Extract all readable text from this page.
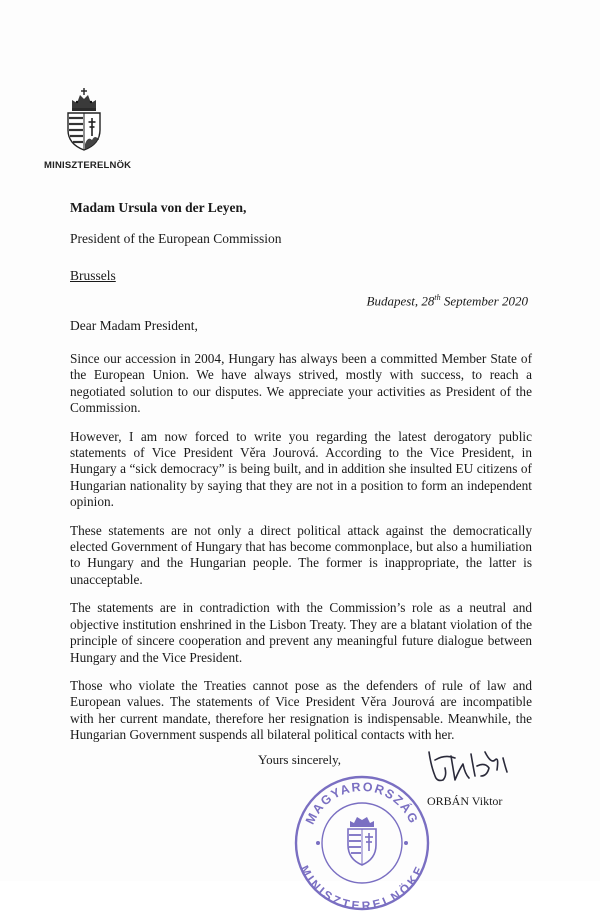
MINISZTERELNÖK
Madam Ursula von der Leyen,
President of the European Commission
Brussels
Budapest, 28th September 2020
Dear Madam President,

Since our accession in 2004, Hungary has always been a committed Member State of the European Union. We have always strived, mostly with success, to reach a negotiated solution to our disputes. We appreciate your activities as President of the Commission.

However, I am now forced to write you regarding the latest derogatory public statements of Vice President Věra Jourová. According to the Vice President, in Hungary a “sick democracy” is being built, and in addition she insulted EU citizens of Hungarian nationality by saying that they are not in a position to form an independent opinion.

These statements are not only a direct political attack against the democratically elected Government of Hungary that has become commonplace, but also a humiliation to Hungary and the Hungarian people. The former is inappropriate, the latter is unacceptable.

The statements are in contradiction with the Commission’s role as a neutral and objective institution enshrined in the Lisbon Treaty. They are a blatant violation of the principle of sincere cooperation and prevent any meaningful future dialogue between Hungary and the Vice President.

Those who violate the Treaties cannot pose as the defenders of rule of law and European values. The statements of Vice President Věra Jourová are incompatible with her current mandate, therefore her resignation is indispensable. Meanwhile, the Hungarian Government suspends all bilateral political contacts with her.

Yours sincerely,
ORBÁN Viktor
MAGYARORSZÁG
MINISZTERELNÖKE
